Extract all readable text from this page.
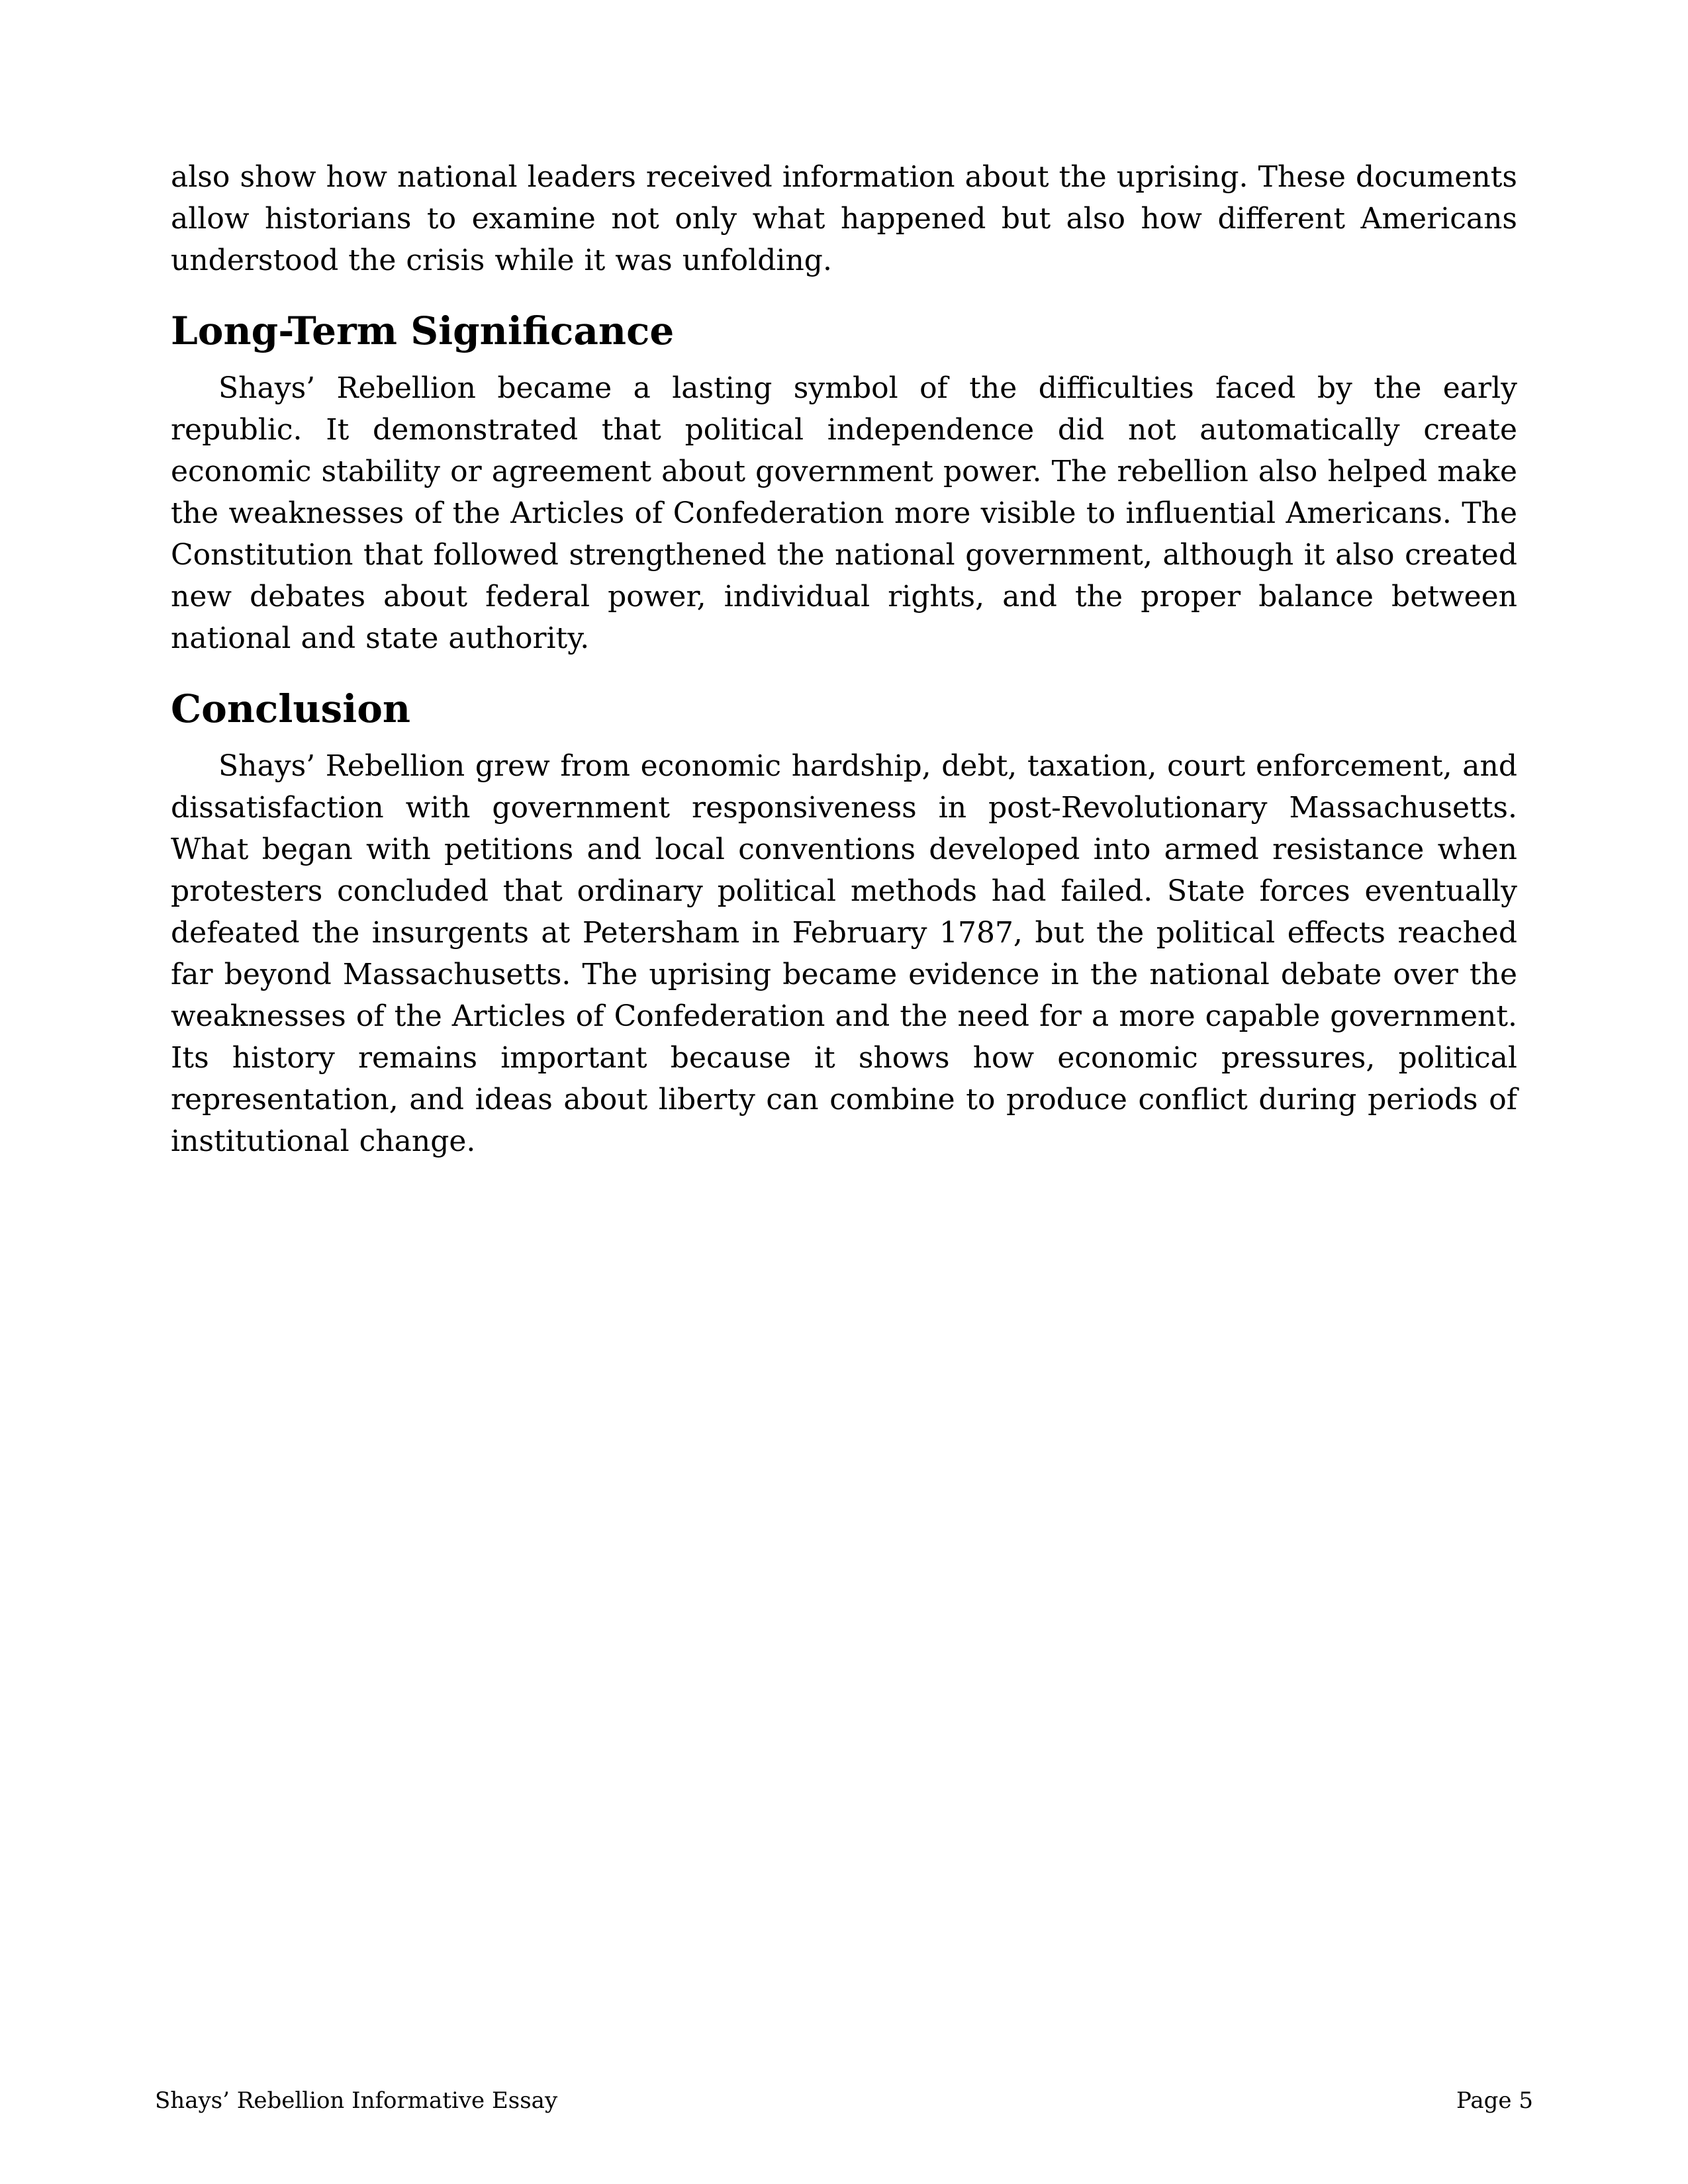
also show how national leaders received information about the uprising. These documents allow historians to examine not only what happened but also how different Americans understood the crisis while it was unfolding.

Long-Term Significance

Shays’ Rebellion became a lasting symbol of the difficulties faced by the early republic. It demonstrated that political independence did not automatically create economic stability or agreement about government power. The rebellion also helped make the weaknesses of the Articles of Confederation more visible to influential Americans. The Constitution that followed strengthened the national government, although it also created new debates about federal power, individual rights, and the proper balance between national and state authority.

Conclusion

Shays’ Rebellion grew from economic hardship, debt, taxation, court enforcement, and dissatisfaction with government responsiveness in post-Revolutionary Massachusetts. What began with petitions and local conventions developed into armed resistance when protesters concluded that ordinary political methods had failed. State forces eventually defeated the insurgents at Petersham in February 1787, but the political effects reached far beyond Massachusetts. The uprising became evidence in the national debate over the weaknesses of the Articles of Confederation and the need for a more capable government. Its history remains important because it shows how economic pressures, political representation, and ideas about liberty can combine to produce conflict during periods of institutional change.

Shays’ Rebellion Informative Essay	Page 5
